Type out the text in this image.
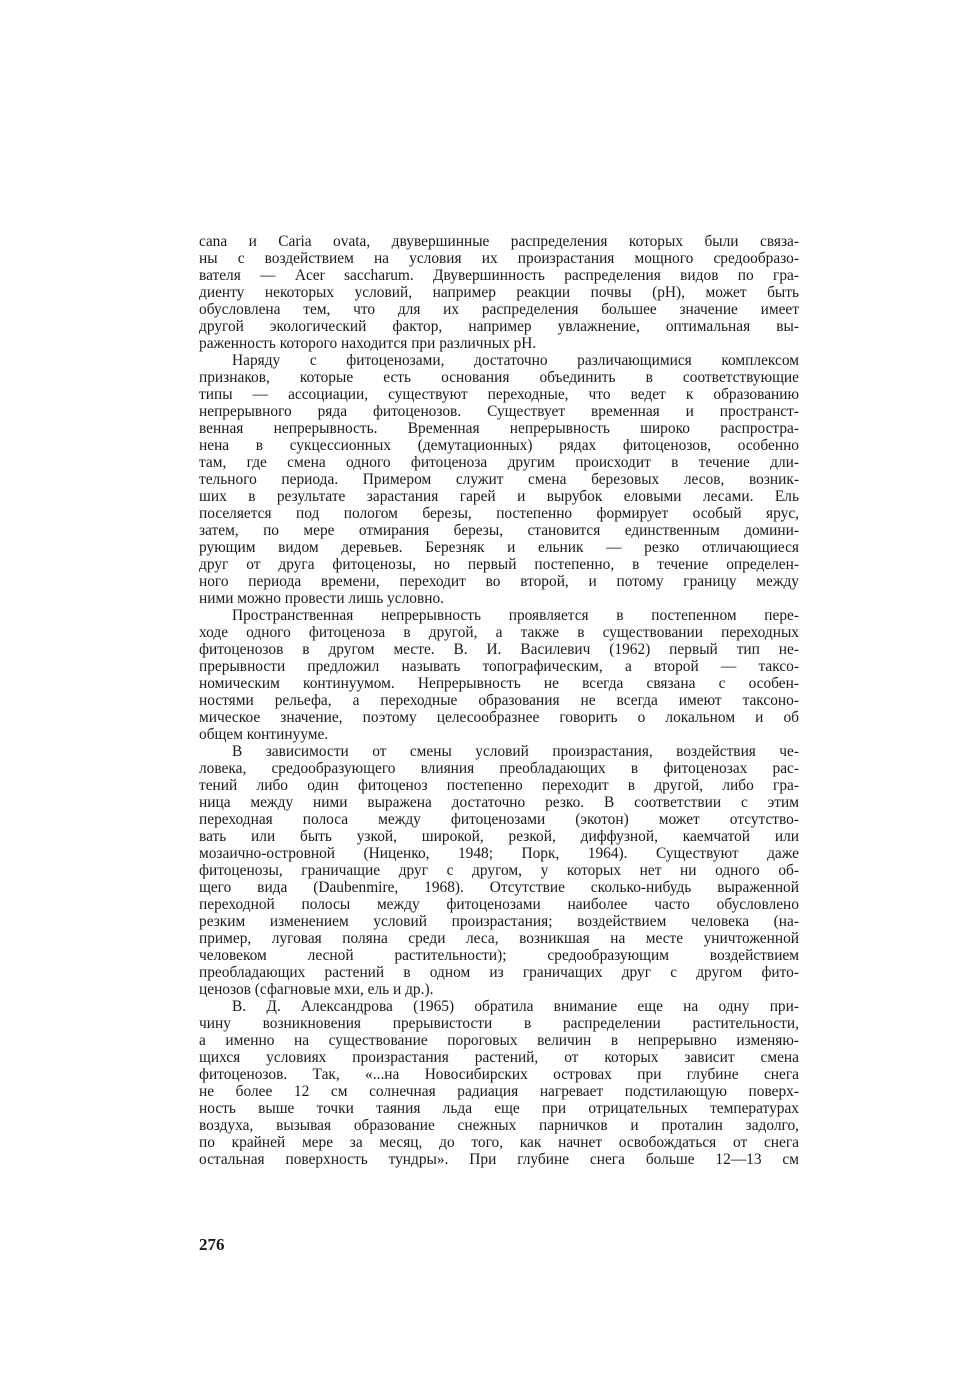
cana и Caria ovata, двувершинные распределения которых были связа-
ны с воздействием на условия их произрастания мощного средообразо-
вателя — Acer saccharum. Двувершинность распределения видов по гра-
диенту некоторых условий, например реакции почвы (pH), может быть
обусловлена тем, что для их распределения большее значение имеет
другой экологический фактор, например увлажнение, оптимальная вы-
раженность которого находится при различных pH.
Наряду с фитоценозами, достаточно различающимися комплексом
признаков, которые есть основания объединить в соответствующие
типы — ассоциации, существуют переходные, что ведет к образованию
непрерывного ряда фитоценозов. Существует временная и пространст-
венная непрерывность. Временная непрерывность широко распростра-
нена в сукцессионных (демутационных) рядах фитоценозов, особенно
там, где смена одного фитоценоза другим происходит в течение дли-
тельного периода. Примером служит смена березовых лесов, возник-
ших в результате зарастания гарей и вырубок еловыми лесами. Ель
поселяется под пологом березы, постепенно формирует особый ярус,
затем, по мере отмирания березы, становится единственным домини-
рующим видом деревьев. Березняк и ельник — резко отличающиеся
друг от друга фитоценозы, но первый постепенно, в течение определен-
ного периода времени, переходит во второй, и потому границу между
ними можно провести лишь условно.
Пространственная непрерывность проявляется в постепенном пере-
ходе одного фитоценоза в другой, а также в существовании переходных
фитоценозов в другом месте. В. И. Василевич (1962) первый тип не-
прерывности предложил называть топографическим, а второй — таксо-
номическим континуумом. Непрерывность не всегда связана с особен-
ностями рельефа, а переходные образования не всегда имеют таксоно-
мическое значение, поэтому целесообразнее говорить о локальном и об
общем континууме.
В зависимости от смены условий произрастания, воздействия че-
ловека, средообразующего влияния преобладающих в фитоценозах рас-
тений либо один фитоценоз постепенно переходит в другой, либо гра-
ница между ними выражена достаточно резко. В соответствии с этим
переходная полоса между фитоценозами (экотон) может отсутство-
вать или быть узкой, широкой, резкой, диффузной, каемчатой или
мозаично-островной (Ниценко, 1948; Порк, 1964). Существуют даже
фитоценозы, граничащие друг с другом, у которых нет ни одного об-
щего вида (Daubenmire, 1968). Отсутствие сколько-нибудь выраженной
переходной полосы между фитоценозами наиболее часто обусловлено
резким изменением условий произрастания; воздействием человека (на-
пример, луговая поляна среди леса, возникшая на месте уничтоженной
человеком лесной растительности); средообразующим воздействием
преобладающих растений в одном из граничащих друг с другом фито-
ценозов (сфагновые мхи, ель и др.).
В. Д. Александрова (1965) обратила внимание еще на одну при-
чину возникновения прерывистости в распределении растительности,
а именно на существование пороговых величин в непрерывно изменяю-
щихся условиях произрастания растений, от которых зависит смена
фитоценозов. Так, «...на Новосибирских островах при глубине снега
не более 12 см солнечная радиация нагревает подстилающую поверх-
ность выше точки таяния льда еще при отрицательных температурах
воздуха, вызывая образование снежных парничков и проталин задолго,
по крайней мере за месяц, до того, как начнет освобождаться от снега
остальная поверхность тундры». При глубине снега больше 12—13 см
276
